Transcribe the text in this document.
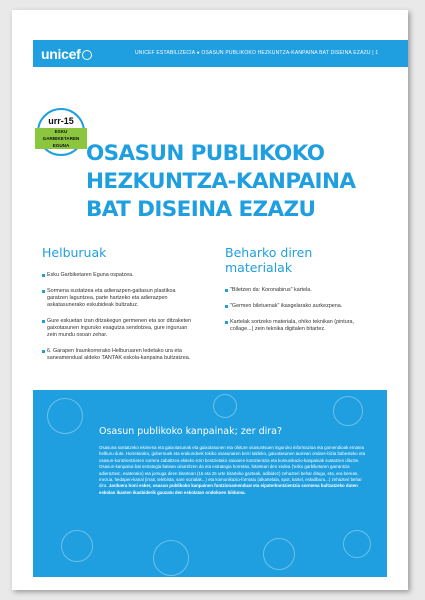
unicef	UNICEF ESTABILIZECIA ● OSASUN PUBLIKOKO HEZKUNTZA-KANPAINA BAT DISEINA EZAZU | 1
urr-15
ESKU
GARBIKETAREN
EGUNA OSASUN PUBLIKOKO
HEZKUNTZA-KANPAINA
BAT DISEINA EZAZU
Helburuak
Esku Garbiketaren Eguna ospatzea.
Sormena sustatzea eta adierazpen-gaitasun plastikoa garatzen laguntzea, parte hartzeko eta adierazpen askatasunerako eskubideak bultzatuz.
Gure eskuetan izan ditzakegun germenen eta sor ditzaketen gaixotasunen inguruko esagutza sendotzea, gure inguruan zein mundu osoan zehar.
6. Garapen Iraunkorrerako Helburuaren ledetako ura eta saneamenduaI aldeko TANTAK eskola-kanpaina bultzatzea.
Beharko diren materialak
"Biletzen da: Koronabirus" kartela.
"Germen biletuenak" ikasgelarako aurkezpena.
Kartelak sortzeko materiala, ohiko teknikan (pintura, collage...) zein teknika digitalen bitartez.
Osasun publikoko kanpainak; zer dira?

Osasuna sustatzeko ekimena eta gaixotasunak eta gaixotasunen eta ohiture osasuntsuen inguruko informazioa eta gomendioak ematea helburu dute. Horretarako, gobernuek eta erakundeek tokiko osasunaren berri taldeko, gaixotasunen aurrean ondare-bizia babesteko eta osasun-kontzientziaren sorrera zabaltzea ekiteko ezin bestzietako saioaren kontzientzia eta komunikazio-kanpainak sustatzen dituzte. Osasun-kanpaina bat estrategia batean oinarritzen da eta estrategia horretan, bitartean den xedea ('esku garbiketaren garrantzia adieraztea', esaterako) eta jomuga diren bitartean (15 eta 25 urte bitarteko gazteak, adibidez) zehazteri behar ditugu, eta, era berean, mezua, hedapen-kanal (irrati, telebista, sare sozialak...) eta komunikazio-formatu (alkartelala, spot, kartel, eskuliburu...) zehazteri behar dira. Jarduera honi esker, osasun publikoko kanpainen funtzionamenduaI eta eipaterkontzientzia sormena bultzatzeko duten eskolan ikasten ikasbiderik gauzatu den eskolatan ondokoen bilduma.
